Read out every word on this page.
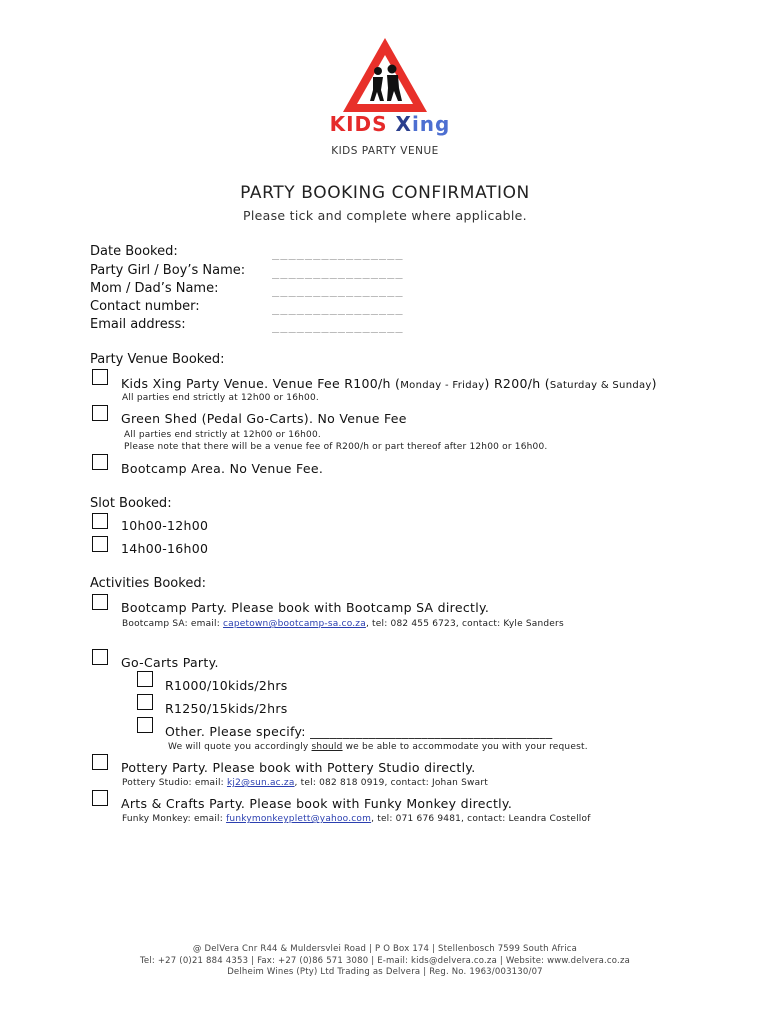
KIDS Xing
KIDS PARTY VENUE
PARTY BOOKING CONFIRMATION
Please tick and complete where applicable.
Date Booked:	________________
Party Girl / Boy’s Name: ________________
Mom / Dad’s Name:	________________
Contact number:	________________
Email address:	________________
Party Venue Booked:
Kids Xing Party Venue. Venue Fee R100/h (Monday - Friday) R200/h (Saturday & Sunday)
All parties end strictly at 12h00 or 16h00.
Green Shed (Pedal Go-Carts). No Venue Fee
All parties end strictly at 12h00 or 16h00.
Please note that there will be a venue fee of R200/h or part thereof after 12h00 or 16h00.
Bootcamp Area. No Venue Fee.
Slot Booked:
10h00-12h00
14h00-16h00
Activities Booked:
Bootcamp Party. Please book with Bootcamp SA directly.
Bootcamp SA: email: capetown@bootcamp-sa.co.za, tel: 082 455 6723, contact: Kyle Sanders
Go-Carts Party.
R1000/10kids/2hrs
R1250/15kids/2hrs
Other. Please specify: _____________________________________
We will quote you accordingly should we be able to accommodate you with your request.
Pottery Party. Please book with Pottery Studio directly.
Pottery Studio: email: kj2@sun.ac.za, tel: 082 818 0919, contact: Johan Swart
Arts & Crafts Party. Please book with Funky Monkey directly.
Funky Monkey: email: funkymonkeyplett@yahoo.com, tel: 071 676 9481, contact: Leandra Costellof
@ DelVera Cnr R44 & Muldersvlei Road | P O Box 174 | Stellenbosch 7599 South Africa
Tel: +27 (0)21 884 4353 | Fax: +27 (0)86 571 3080 | E-mail: kids@delvera.co.za | Website: www.delvera.co.za
Delheim Wines (Pty) Ltd Trading as Delvera | Reg. No. 1963/003130/07
